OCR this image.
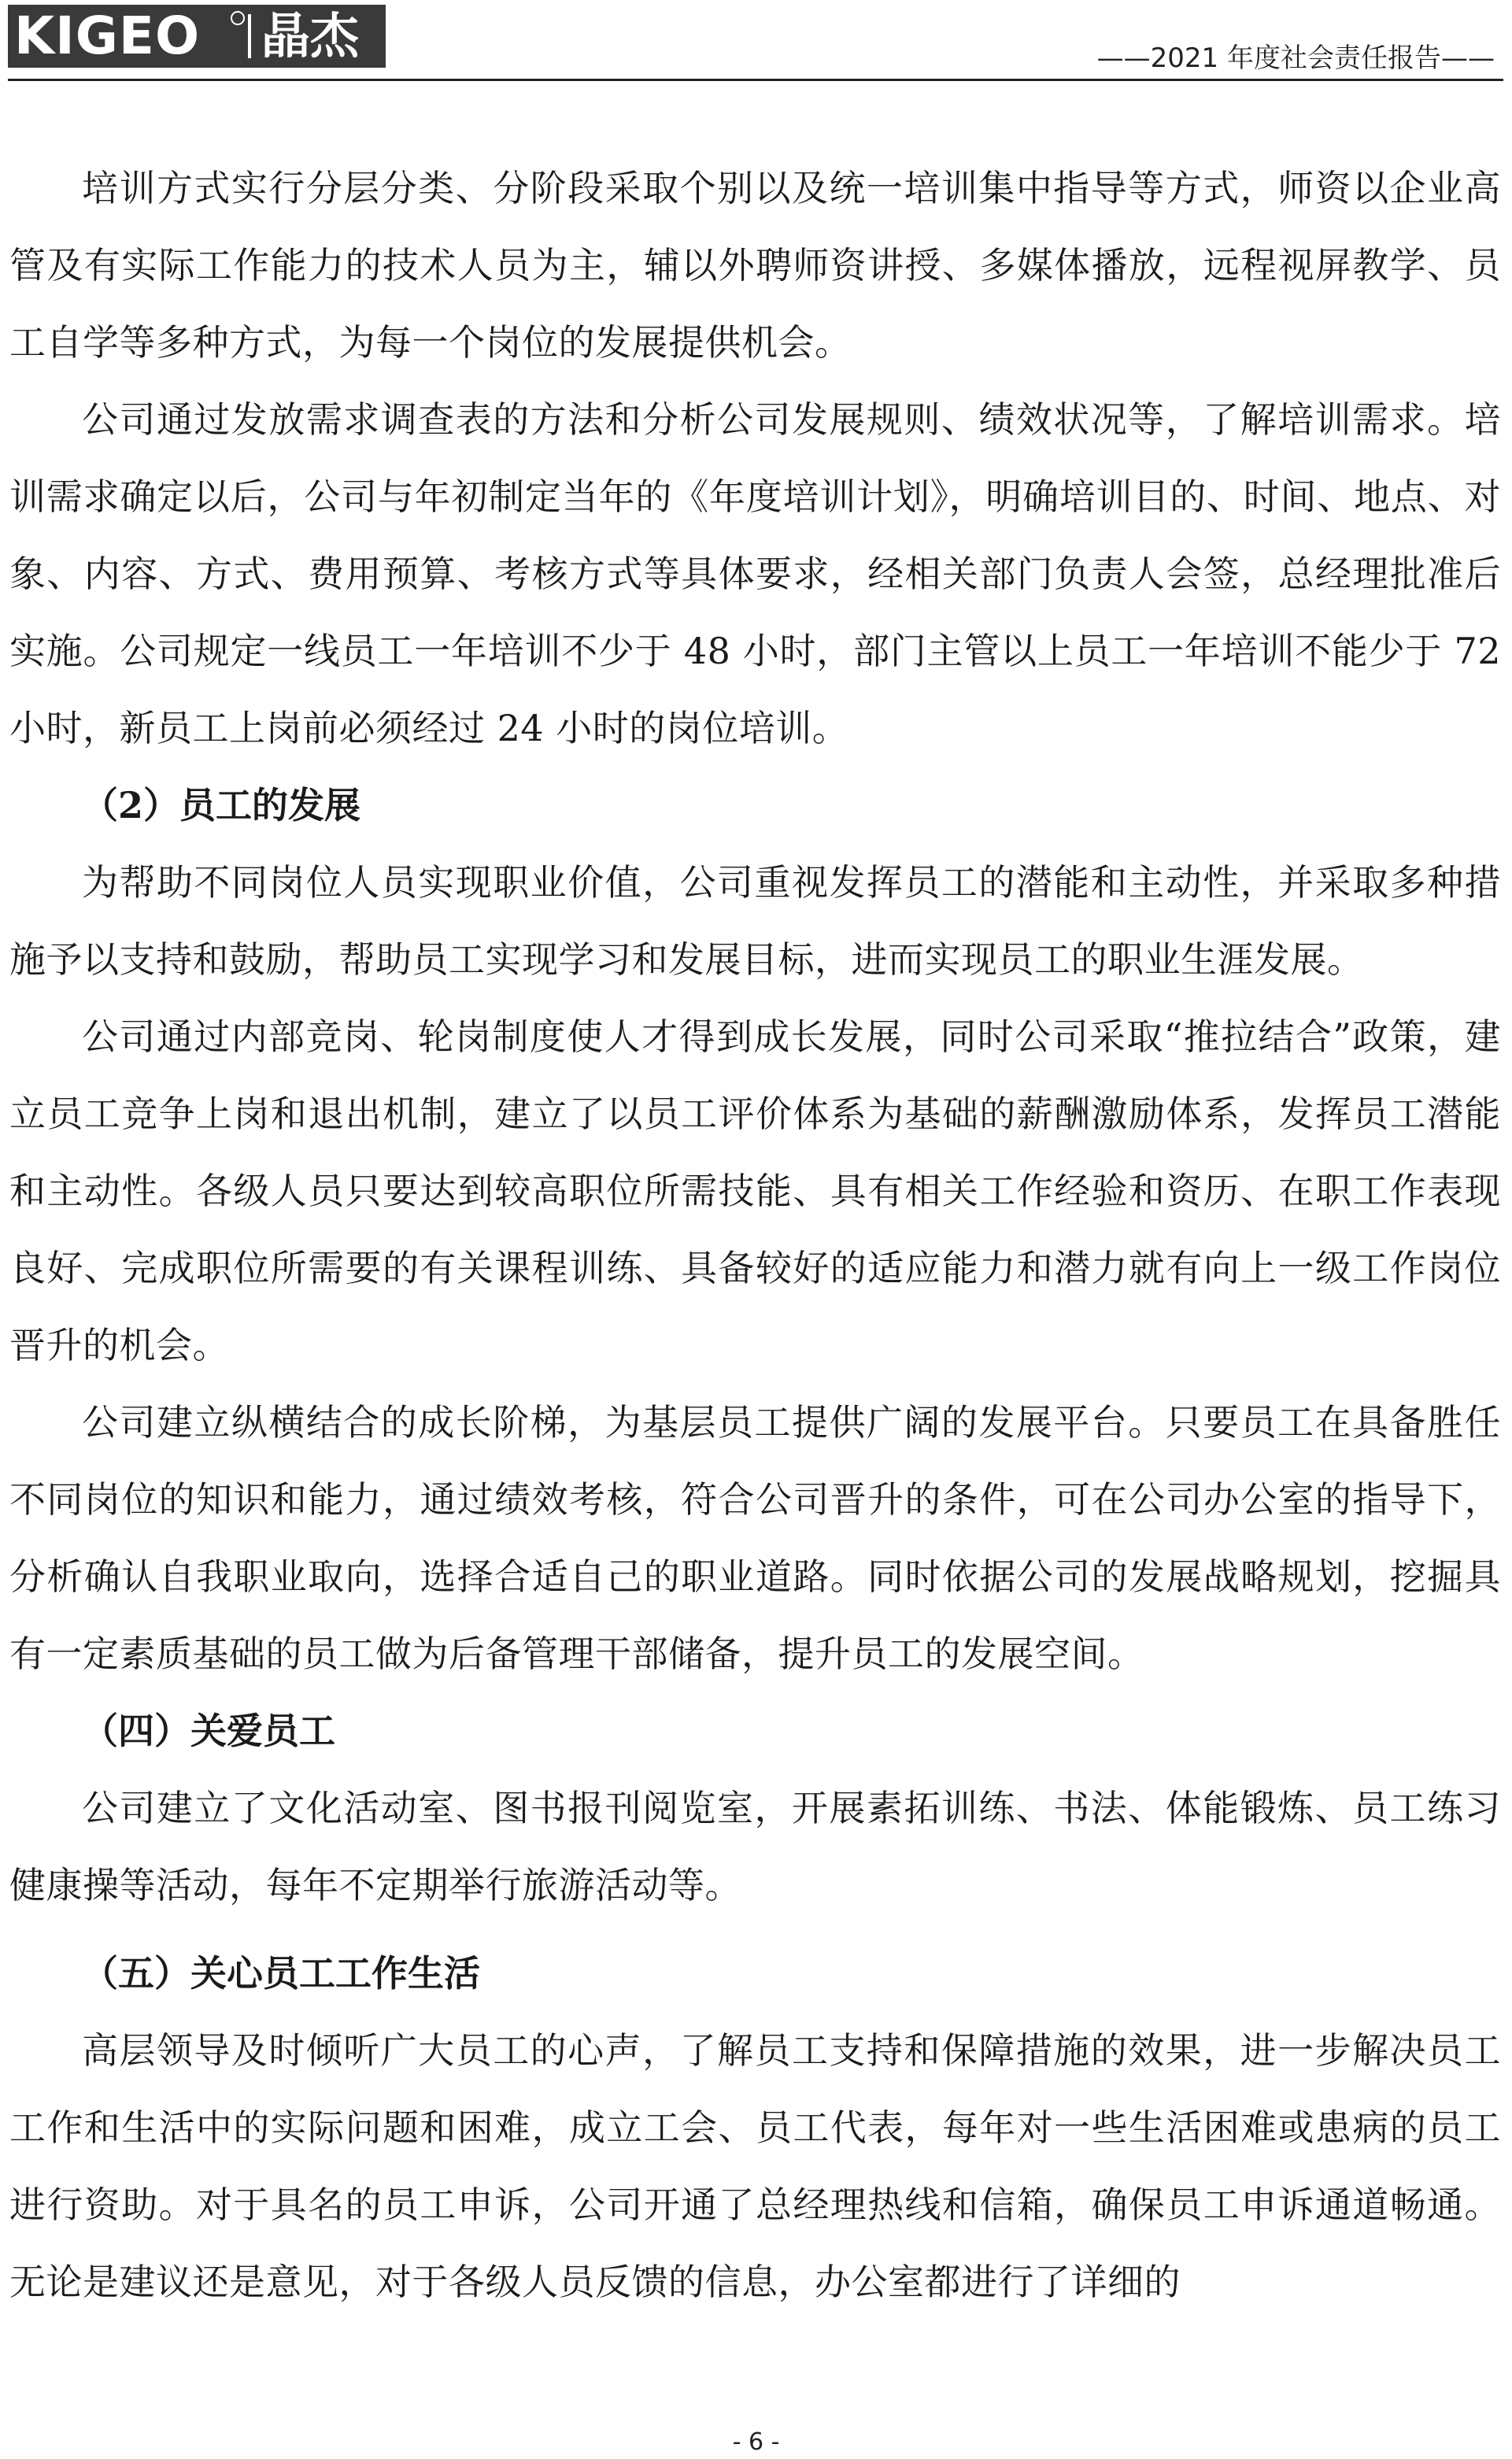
KIGEO	晶杰	——2021 年度社会责任报告——

培训方式实行分层分类、分阶段采取个别以及统一培训集中指导等方式，师资以企业高管及有实际工作能力的技术人员为主，辅以外聘师资讲授、多媒体播放，远程视屏教学、员工自学等多种方式，为每一个岗位的发展提供机会。

公司通过发放需求调查表的方法和分析公司发展规则、绩效状况等，了解培训需求。培训需求确定以后，公司与年初制定当年的《年度培训计划》，明确培训目的、时间、地点、对象、内容、方式、费用预算、考核方式等具体要求，经相关部门负责人会签，总经理批准后实施。公司规定一线员工一年培训不少于 48 小时，部门主管以上员工一年培训不能少于 72 小时，新员工上岗前必须经过 24 小时的岗位培训。

（2）员工的发展

为帮助不同岗位人员实现职业价值，公司重视发挥员工的潜能和主动性，并采取多种措施予以支持和鼓励，帮助员工实现学习和发展目标，进而实现员工的职业生涯发展。

公司通过内部竞岗、轮岗制度使人才得到成长发展，同时公司采取“推拉结合”政策，建立员工竞争上岗和退出机制，建立了以员工评价体系为基础的薪酬激励体系，发挥员工潜能和主动性。各级人员只要达到较高职位所需技能、具有相关工作经验和资历、在职工作表现良好、完成职位所需要的有关课程训练、具备较好的适应能力和潜力就有向上一级工作岗位晋升的机会。

公司建立纵横结合的成长阶梯，为基层员工提供广阔的发展平台。只要员工在具备胜任不同岗位的知识和能力，通过绩效考核，符合公司晋升的条件，可在公司办公室的指导下，分析确认自我职业取向，选择合适自己的职业道路。同时依据公司的发展战略规划，挖掘具有一定素质基础的员工做为后备管理干部储备，提升员工的发展空间。

（四）关爱员工

公司建立了文化活动室、图书报刊阅览室，开展素拓训练、书法、体能锻炼、员工练习健康操等活动，每年不定期举行旅游活动等。

（五）关心员工工作生活

高层领导及时倾听广大员工的心声，了解员工支持和保障措施的效果，进一步解决员工工作和生活中的实际问题和困难，成立工会、员工代表，每年对一些生活困难或患病的员工进行资助。对于具名的员工申诉，公司开通了总经理热线和信箱，确保员工申诉通道畅通。无论是建议还是意见，对于各级人员反馈的信息，办公室都进行了详细的

- 6 -
